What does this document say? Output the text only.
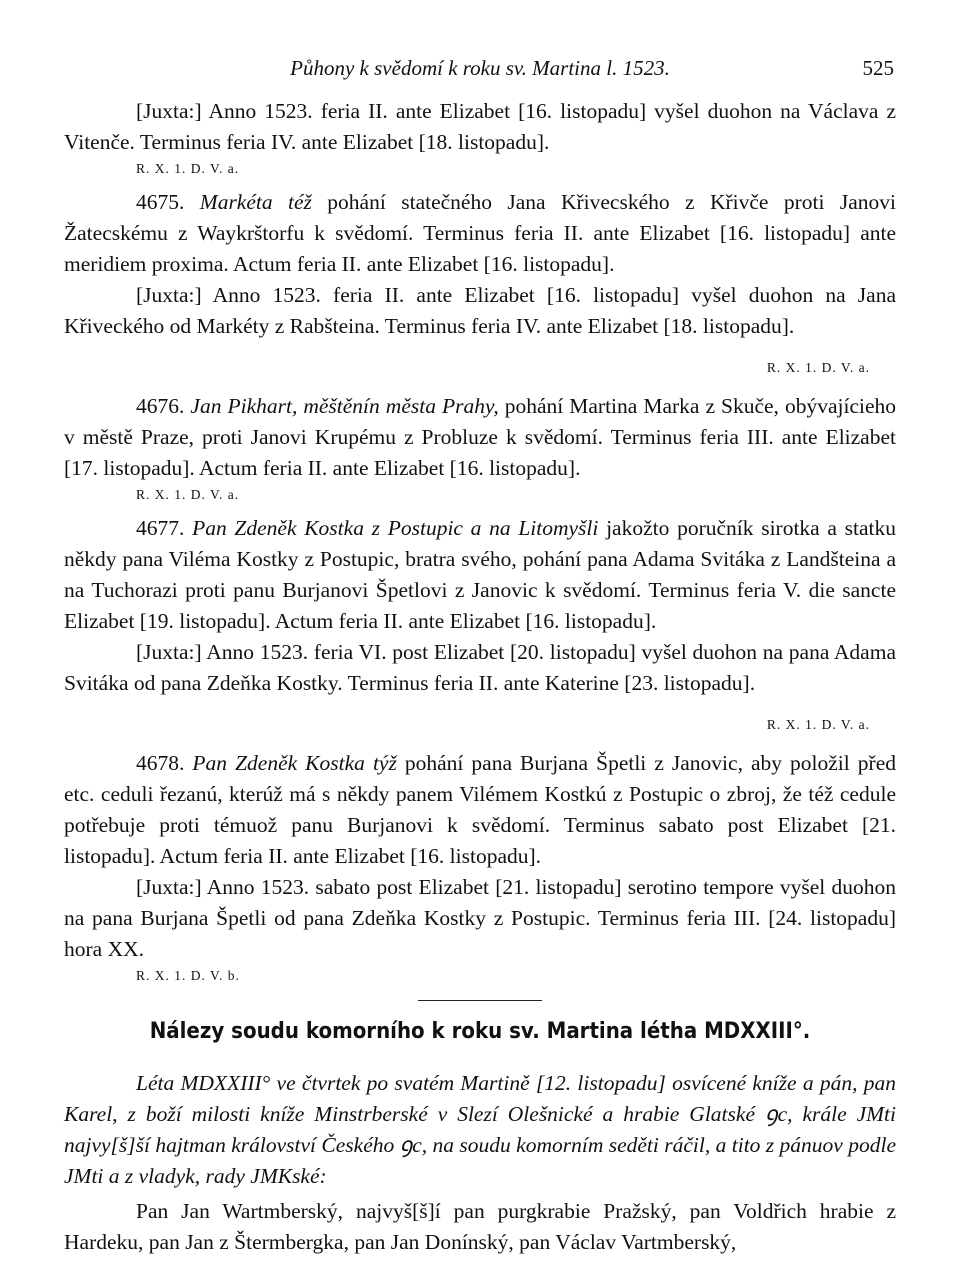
Půhony k svědomí k roku sv. Martina l. 1523.	525

[Juxta:] Anno 1523. feria II. ante Elizabet [16. listopadu] vyšel duohon na Václava z Vitenče. Terminus feria IV. ante Elizabet [18. listopadu].

R. X. 1. D. V. a.

4675. Markéta též pohání statečného Jana Křivecského z Křivče proti Janovi Žatecskému z Waykrštorfu k svědomí. Terminus feria II. ante Elizabet [16. listopadu] ante meridiem proxima. Actum feria II. ante Elizabet [16. listopadu].

[Juxta:] Anno 1523. feria II. ante Elizabet [16. listopadu] vyšel duohon na Jana Křiveckého od Markéty z Rabšteina. Terminus feria IV. ante Elizabet [18. listopadu].
R. X. 1. D. V. a.

4676. Jan Pikhart, měštěnín města Prahy, pohání Martina Marka z Skuče, obývajícieho v městě Praze, proti Janovi Krupému z Probluze k svědomí. Terminus feria III. ante Elizabet [17. listopadu]. Actum feria II. ante Elizabet [16. listopadu].

R. X. 1. D. V. a.

4677. Pan Zdeněk Kostka z Postupic a na Litomyšli jakožto poručník sirotka a statku někdy pana Viléma Kostky z Postupic, bratra svého, pohání pana Adama Svitáka z Landšteina a na Tuchorazi proti panu Burjanovi Špetlovi z Janovic k svědomí. Terminus feria V. die sancte Elizabet [19. listopadu]. Actum feria II. ante Elizabet [16. listopadu].

[Juxta:] Anno 1523. feria VI. post Elizabet [20. listopadu] vyšel duohon na pana Adama Svitáka od pana Zdeňka Kostky. Terminus feria II. ante Katerine [23. listopadu].
R. X. 1. D. V. a.

4678. Pan Zdeněk Kostka týž pohání pana Burjana Špetli z Janovic, aby položil před etc. ceduli řezanú, kterúž má s někdy panem Vilémem Kostkú z Postupic o zbroj, že též cedule potřebuje proti témuož panu Burjanovi k svědomí. Terminus sabato post Elizabet [21. listopadu]. Actum feria II. ante Elizabet [16. listopadu].

[Juxta:] Anno 1523. sabato post Elizabet [21. listopadu] serotino tempore vyšel duohon na pana Burjana Špetli od pana Zdeňka Kostky z Postupic. Terminus feria III. [24. listopadu] hora XX.

R. X. 1. D. V. b.
Nálezy soudu komorního k roku sv. Martina létha MDXXIII°.

Léta MDXXIII° ve čtvrtek po svatém Martině [12. listopadu] osvícené kníže a pán, pan Karel, z boží milosti kníže Minstrberské v Slezí Olešnické a hrabie Glatské ꝯc, krále JMti najvy[š]ší hajtman království Českého ꝯc, na soudu komorním seděti ráčil, a tito z pánuov podle JMti a z vladyk, rady JMKské:

Pan Jan Wartmberský, najvyš[š]í pan purgkrabie Pražský, pan Voldřich hrabie z Hardeku, pan Jan z Štermbergka, pan Jan Donínský, pan Václav Vartmberský,
